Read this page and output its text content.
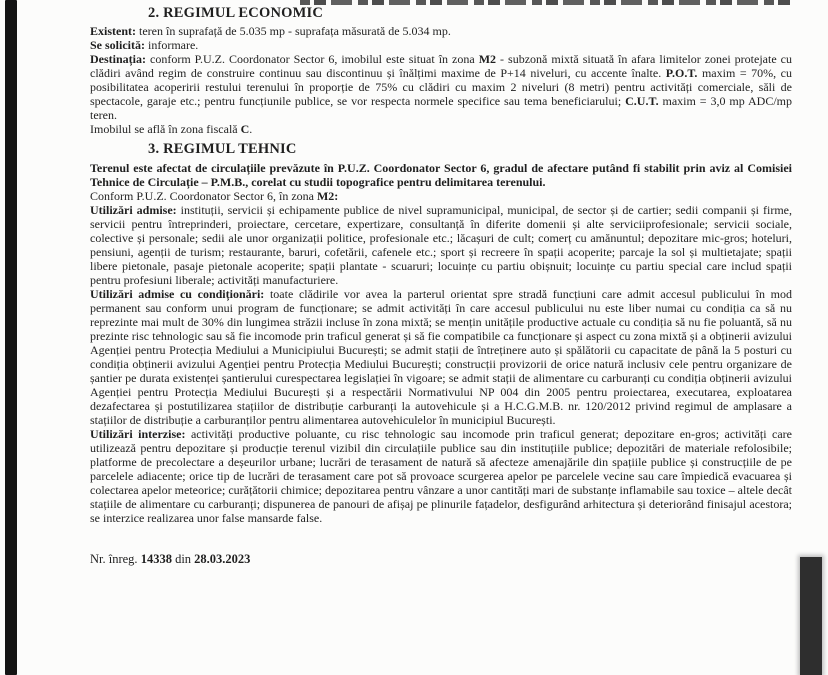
2. REGIMUL ECONOMIC

Existent: teren în suprafață de 5.035 mp - suprafața măsurată de 5.034 mp.

Se solicită: informare.

Destinația: conform P.U.Z. Coordonator Sector 6, imobilul este situat în zona M2 - subzonă mixtă situată în afara limitelor zonei protejate cu clădiri având regim de construire continuu sau discontinuu și înălțimi maxime de P+14 niveluri, cu accente înalte. P.O.T. maxim = 70%, cu posibilitatea acoperirii restului terenului în proporție de 75% cu clădiri cu maxim 2 niveluri (8 metri) pentru activități comerciale, săli de spectacole, garaje etc.; pentru funcțiunile publice, se vor respecta normele specifice sau tema beneficiarului; C.U.T. maxim = 3,0 mp ADC/mp teren.

Imobilul se află în zona fiscală C.

3. REGIMUL TEHNIC

Terenul este afectat de circulațiile prevăzute în P.U.Z. Coordonator Sector 6, gradul de afectare putând fi stabilit prin aviz al Comisiei Tehnice de Circulație – P.M.B., corelat cu studii topografice pentru delimitarea terenului.

Conform P.U.Z. Coordonator Sector 6, în zona M2:

Utilizări admise: instituții, servicii și echipamente publice de nivel supramunicipal, municipal, de sector și de cartier; sedii companii și firme, servicii pentru întreprinderi, proiectare, cercetare, expertizare, consultanță în diferite domenii și alte serviciiprofesionale; servicii sociale, colective și personale; sedii ale unor organizații politice, profesionale etc.; lăcașuri de cult; comerț cu amănuntul; depozitare mic-gros; hoteluri, pensiuni, agenții de turism; restaurante, baruri, cofetării, cafenele etc.; sport și recreere în spații acoperite; parcaje la sol și multietajate; spații libere pietonale, pasaje pietonale acoperite; spații plantate - scuaruri; locuințe cu partiu obișnuit; locuințe cu partiu special care includ spații pentru profesiuni liberale; activități manufacturiere.

Utilizări admise cu condiționări: toate clădirile vor avea la parterul orientat spre stradă funcțiuni care admit accesul publicului în mod permanent sau conform unui program de funcționare; se admit activități în care accesul publicului nu este liber numai cu condiția ca să nu reprezinte mai mult de 30% din lungimea străzii incluse în zona mixtă; se mențin unitățile productive actuale cu condiția să nu fie poluantă, să nu prezinte risc tehnologic sau să fie incomode prin traficul generat și să fie compatibile ca funcționare și aspect cu zona mixtă și a obținerii avizului Agenției pentru Protecția Mediului a Municipiului București; se admit stații de întreținere auto și spălătorii cu capacitate de până la 5 posturi cu condiția obținerii avizului Agenției pentru Protecția Mediului București; construcții provizorii de orice natură inclusiv cele pentru organizare de șantier pe durata existenței șantierului curespectarea legislației în vigoare; se admit stații de alimentare cu carburanți cu condiția obținerii avizului Agenției pentru Protecția Mediului București și a respectării Normativului NP 004 din 2005 pentru proiectarea, executarea, exploatarea dezafectarea și postutilizarea stațiilor de distribuție carburanți la autovehicule și a H.C.G.M.B. nr. 120/2012 privind regimul de amplasare a stațiilor de distribuție a carburanților pentru alimentarea autovehiculelor în municipiul București.

Utilizări interzise: activități productive poluante, cu risc tehnologic sau incomode prin traficul generat; depozitare en-gros; activități care utilizează pentru depozitare și producție terenul vizibil din circulațiile publice sau din instituțiile publice; depozitări de materiale refolosibile; platforme de precolectare a deșeurilor urbane; lucrări de terasament de natură să afecteze amenajările din spațiile publice și construcțiile de pe parcelele adiacente; orice tip de lucrări de terasament care pot să provoace scurgerea apelor pe parcelele vecine sau care împiedică evacuarea și colectarea apelor meteorice; curățătorii chimice; depozitarea pentru vânzare a unor cantități mari de substanțe inflamabile sau toxice – altele decât stațiile de alimentare cu carburanți; dispunerea de panouri de afișaj pe plinurile fațadelor, desfigurând arhitectura și deteriorând finisajul acestora; se interzice realizarea unor false mansarde false.

Nr. înreg. 14338 din 28.03.2023
